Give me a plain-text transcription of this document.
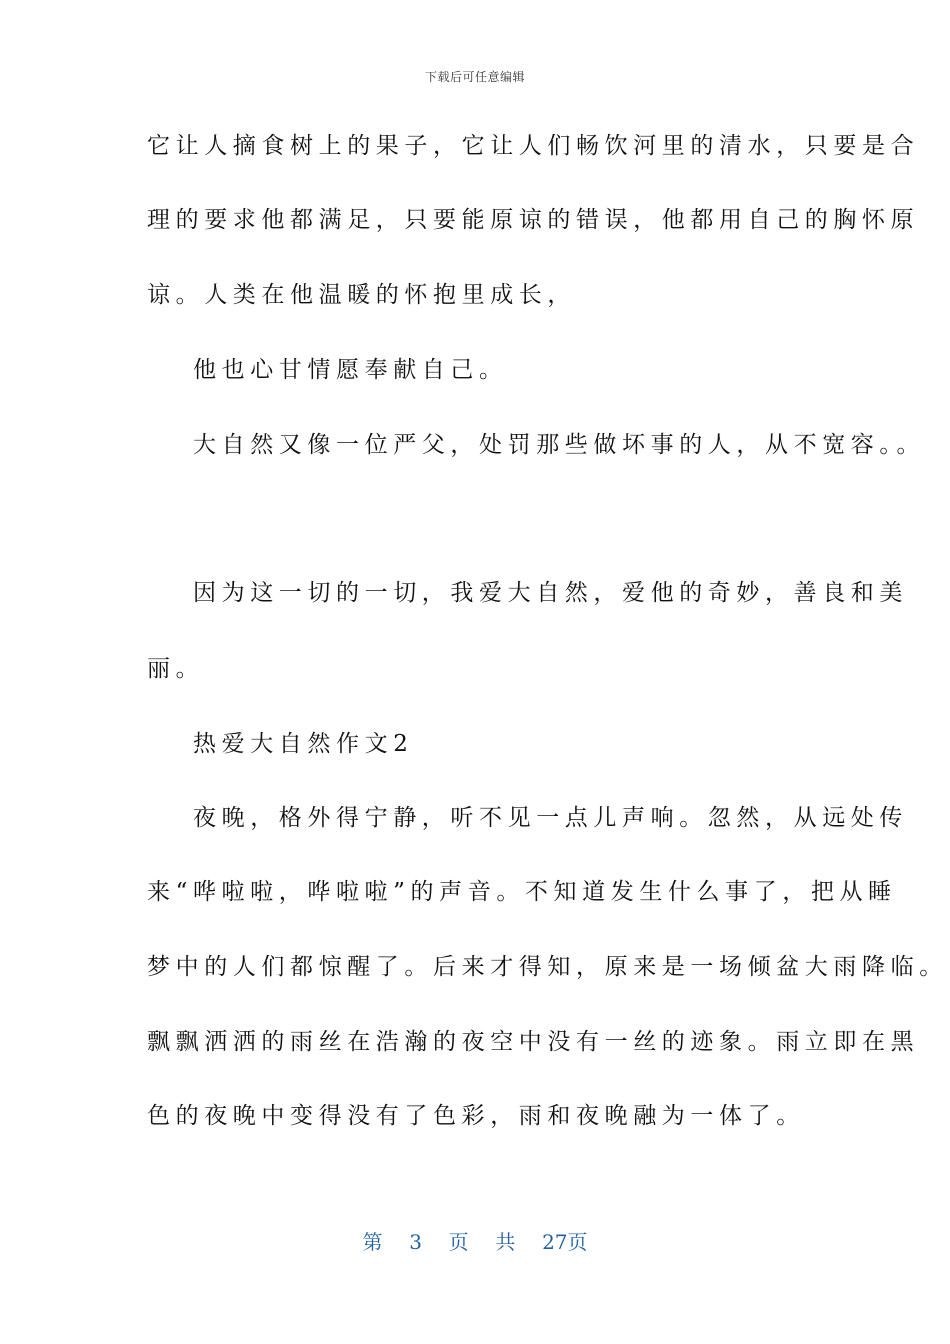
下载后可任意编辑
它让人摘食树上的果子，它让人们畅饮河里的清水，只要是合
理的要求他都满足，只要能原谅的错误，他都用自己的胸怀原
谅。人类在他温暖的怀抱里成长，
他也心甘情愿奉献自己。
大自然又像一位严父，处罚那些做坏事的人，从不宽容。。
因为这一切的一切，我爱大自然，爱他的奇妙，善良和美
丽。
热爱大自然作文2
夜晚，格外得宁静，听不见一点儿声响。忽然，从远处传
来“哗啦啦，哗啦啦”的声音。不知道发生什么事了，把从睡
梦中的人们都惊醒了。后来才得知，原来是一场倾盆大雨降临。
飘飘洒洒的雨丝在浩瀚的夜空中没有一丝的迹象。雨立即在黑
色的夜晚中变得没有了色彩，雨和夜晚融为一体了。
第 3 页 共 27页
